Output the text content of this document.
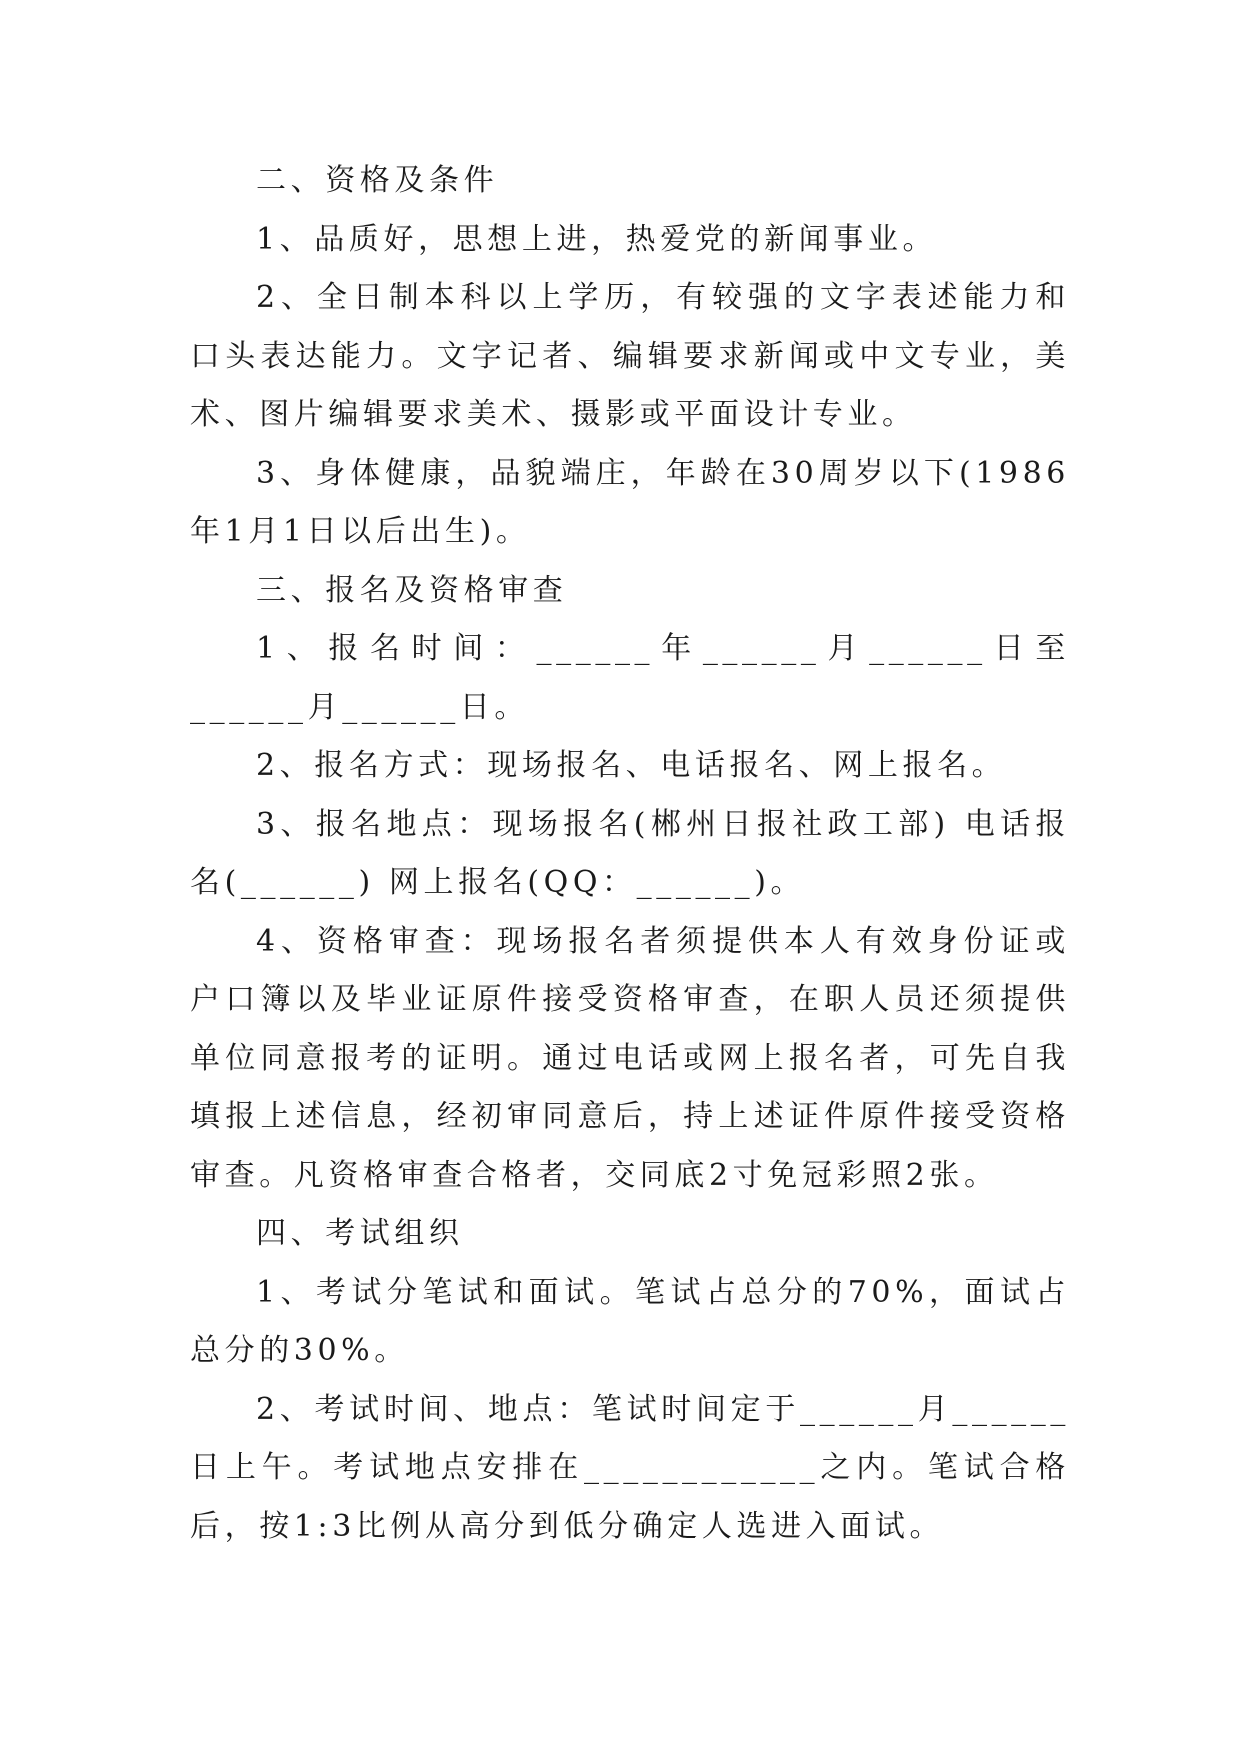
二、资格及条件

1、品质好，思想上进，热爱党的新闻事业。

2、全日制本科以上学历，有较强的文字表述能力和口头表达能力。文字记者、编辑要求新闻或中文专业，美术、图片编辑要求美术、摄影或平面设计专业。

3、身体健康，品貌端庄，年龄在30周岁以下(1986年1月1日以后出生)。

三、报名及资格审查

1、报名时间：______年______月______日至______月______日。

2、报名方式：现场报名、电话报名、网上报名。

3、报名地点：现场报名(郴州日报社政工部) 电话报名(______) 网上报名(QQ：______)。

4、资格审查：现场报名者须提供本人有效身份证或户口簿以及毕业证原件接受资格审查，在职人员还须提供单位同意报考的证明。通过电话或网上报名者，可先自我填报上述信息，经初审同意后，持上述证件原件接受资格审查。凡资格审查合格者，交同底2寸免冠彩照2张。

四、考试组织

1、考试分笔试和面试。笔试占总分的70%，面试占总分的30%。

2、考试时间、地点：笔试时间定于______月______日上午。考试地点安排在____________之内。笔试合格后，按1:3比例从高分到低分确定人选进入面试。
